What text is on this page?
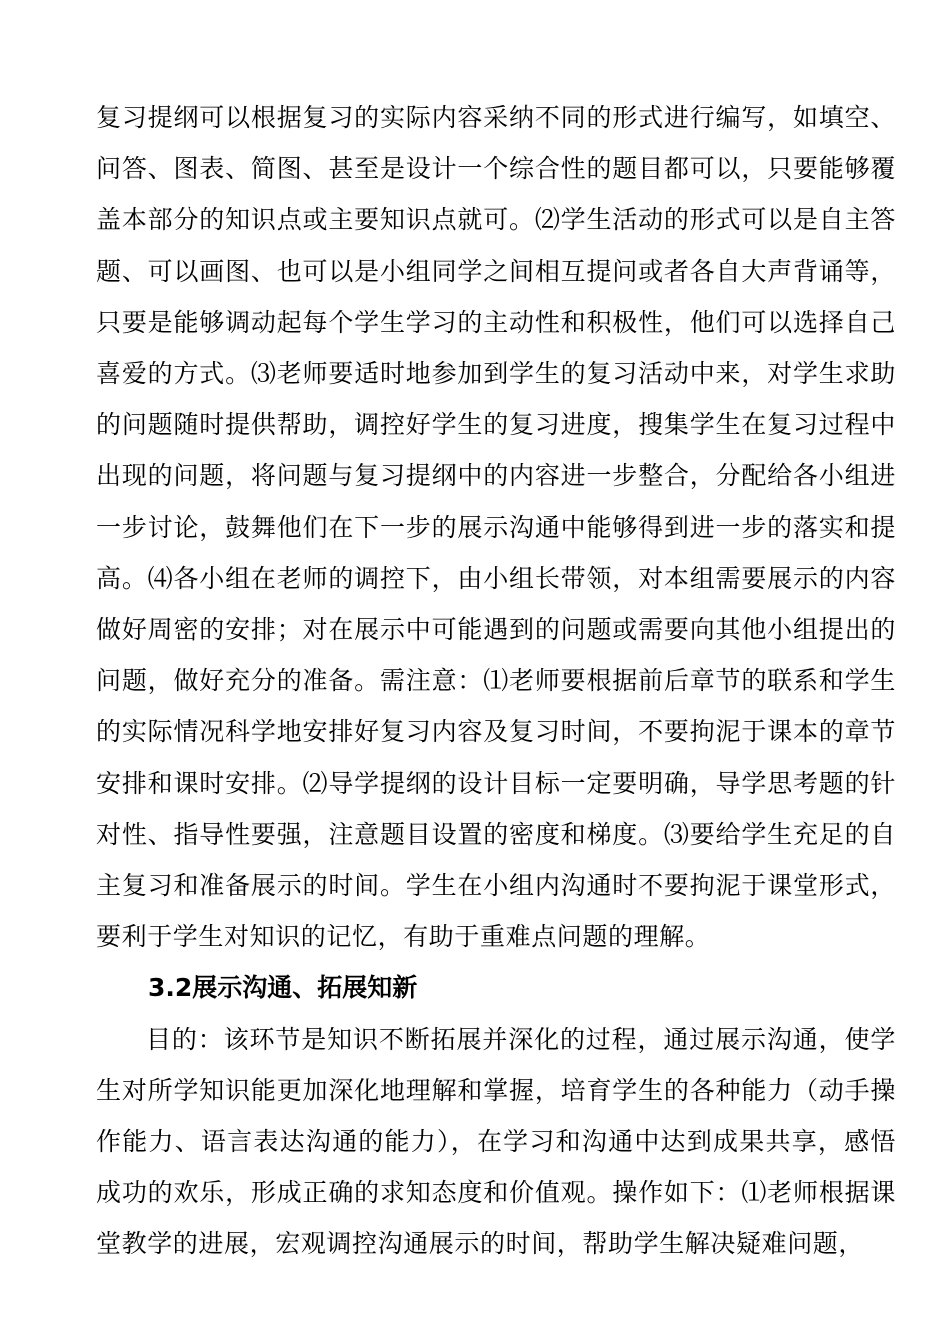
复习提纲可以根据复习的实际内容采纳不同的形式进行编写，如填空、问答、图表、简图、甚至是设计一个综合性的题目都可以，只要能够覆盖本部分的知识点或主要知识点就可。⑵学生活动的形式可以是自主答题、可以画图、也可以是小组同学之间相互提问或者各自大声背诵等，只要是能够调动起每个学生学习的主动性和积极性，他们可以选择自己喜爱的方式。⑶老师要适时地参加到学生的复习活动中来，对学生求助的问题随时提供帮助，调控好学生的复习进度，搜集学生在复习过程中出现的问题，将问题与复习提纲中的内容进一步整合，分配给各小组进一步讨论，鼓舞他们在下一步的展示沟通中能够得到进一步的落实和提高。⑷各小组在老师的调控下，由小组长带领，对本组需要展示的内容做好周密的安排；对在展示中可能遇到的问题或需要向其他小组提出的问题，做好充分的准备。需注意：⑴老师要根据前后章节的联系和学生的实际情况科学地安排好复习内容及复习时间，不要拘泥于课本的章节安排和课时安排。⑵导学提纲的设计目标一定要明确，导学思考题的针对性、指导性要强，注意题目设置的密度和梯度。⑶要给学生充足的自主复习和准备展示的时间。学生在小组内沟通时不要拘泥于课堂形式，要利于学生对知识的记忆，有助于重难点问题的理解。

3.2展示沟通、拓展知新

目的：该环节是知识不断拓展并深化的过程，通过展示沟通，使学生对所学知识能更加深化地理解和掌握，培育学生的各种能力（动手操作能力、语言表达沟通的能力），在学习和沟通中达到成果共享，感悟成功的欢乐，形成正确的求知态度和价值观。操作如下：⑴老师根据课堂教学的进展，宏观调控沟通展示的时间，帮助学生解决疑难问题，
